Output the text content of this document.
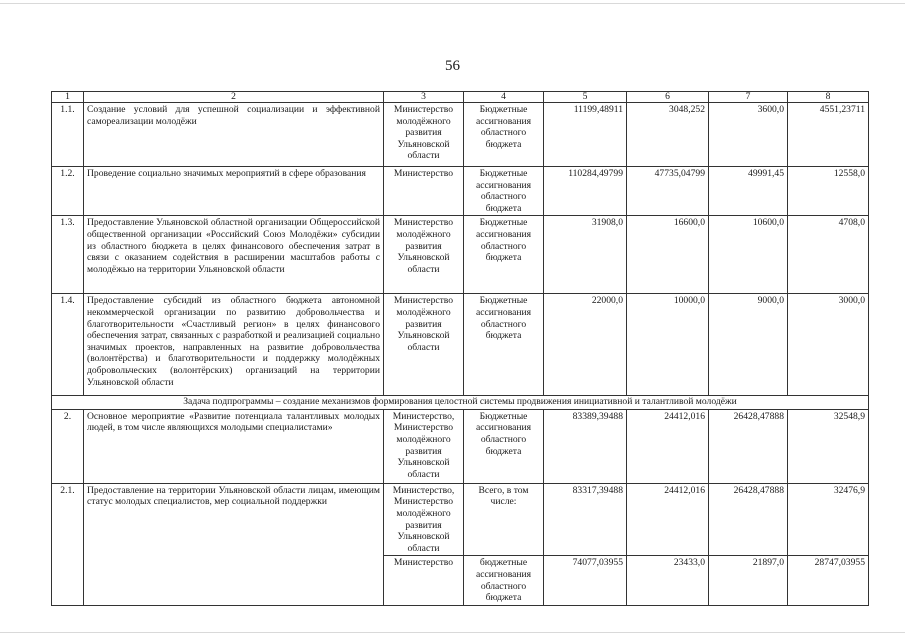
56
1	2	3	4	5	6	7	8
1.1.	Создание условий для успешной социализации и эффективной самореализации молодёжи	Министерство молодёжного развития Ульяновской области	Бюджетные ассигнования областного бюджета	11199,48911	3048,252	3600,0	4551,23711
1.2.	Проведение социально значимых мероприятий в сфере образования	Министерство	Бюджетные ассигнования областного бюджета	110284,49799	47735,04799	49991,45	12558,0
1.3.	Предоставление Ульяновской областной организации Общероссийской общественной организации «Российский Союз Молодёжи» субсидии из областного бюджета в целях финансового обеспечения затрат в связи с оказанием содействия в расширении масштабов работы с молодёжью на территории Ульяновской области	Министерство молодёжного развития Ульяновской области	Бюджетные ассигнования областного бюджета	31908,0	16600,0	10600,0	4708,0
1.4.	Предоставление субсидий из областного бюджета автономной некоммерческой организации по развитию добровольчества и благотворительности «Счастливый регион» в целях финансового обеспечения затрат, связанных с разработкой и реализацией социально значимых проектов, направленных на развитие добровольчества (волонтёрства) и благотворительности и поддержку молодёжных добровольческих (волонтёрских) организаций на территории Ульяновской области	Министерство молодёжного развития Ульяновской области	Бюджетные ассигнования областного бюджета	22000,0	10000,0	9000,0	3000,0
Задача подпрограммы – создание механизмов формирования целостной системы продвижения инициативной и талантливой молодёжи							
2.	Основное мероприятие «Развитие потенциала талантливых молодых людей, в том числе являющихся молодыми специалистами»	Министерство, Министерство молодёжного развития Ульяновской области	Бюджетные ассигнования областного бюджета	83389,39488	24412,016	26428,47888	32548,9
2.1.	Предоставление на территории Ульяновской области лицам, имеющим статус молодых специалистов, мер социальной поддержки	Министерство, Министерство молодёжного развития Ульяновской области	Всего, в том числе:	83317,39488	24412,016	26428,47888	32476,9
		Министерство	бюджетные ассигнования областного бюджета	74077,03955	23433,0	21897,0	28747,03955
